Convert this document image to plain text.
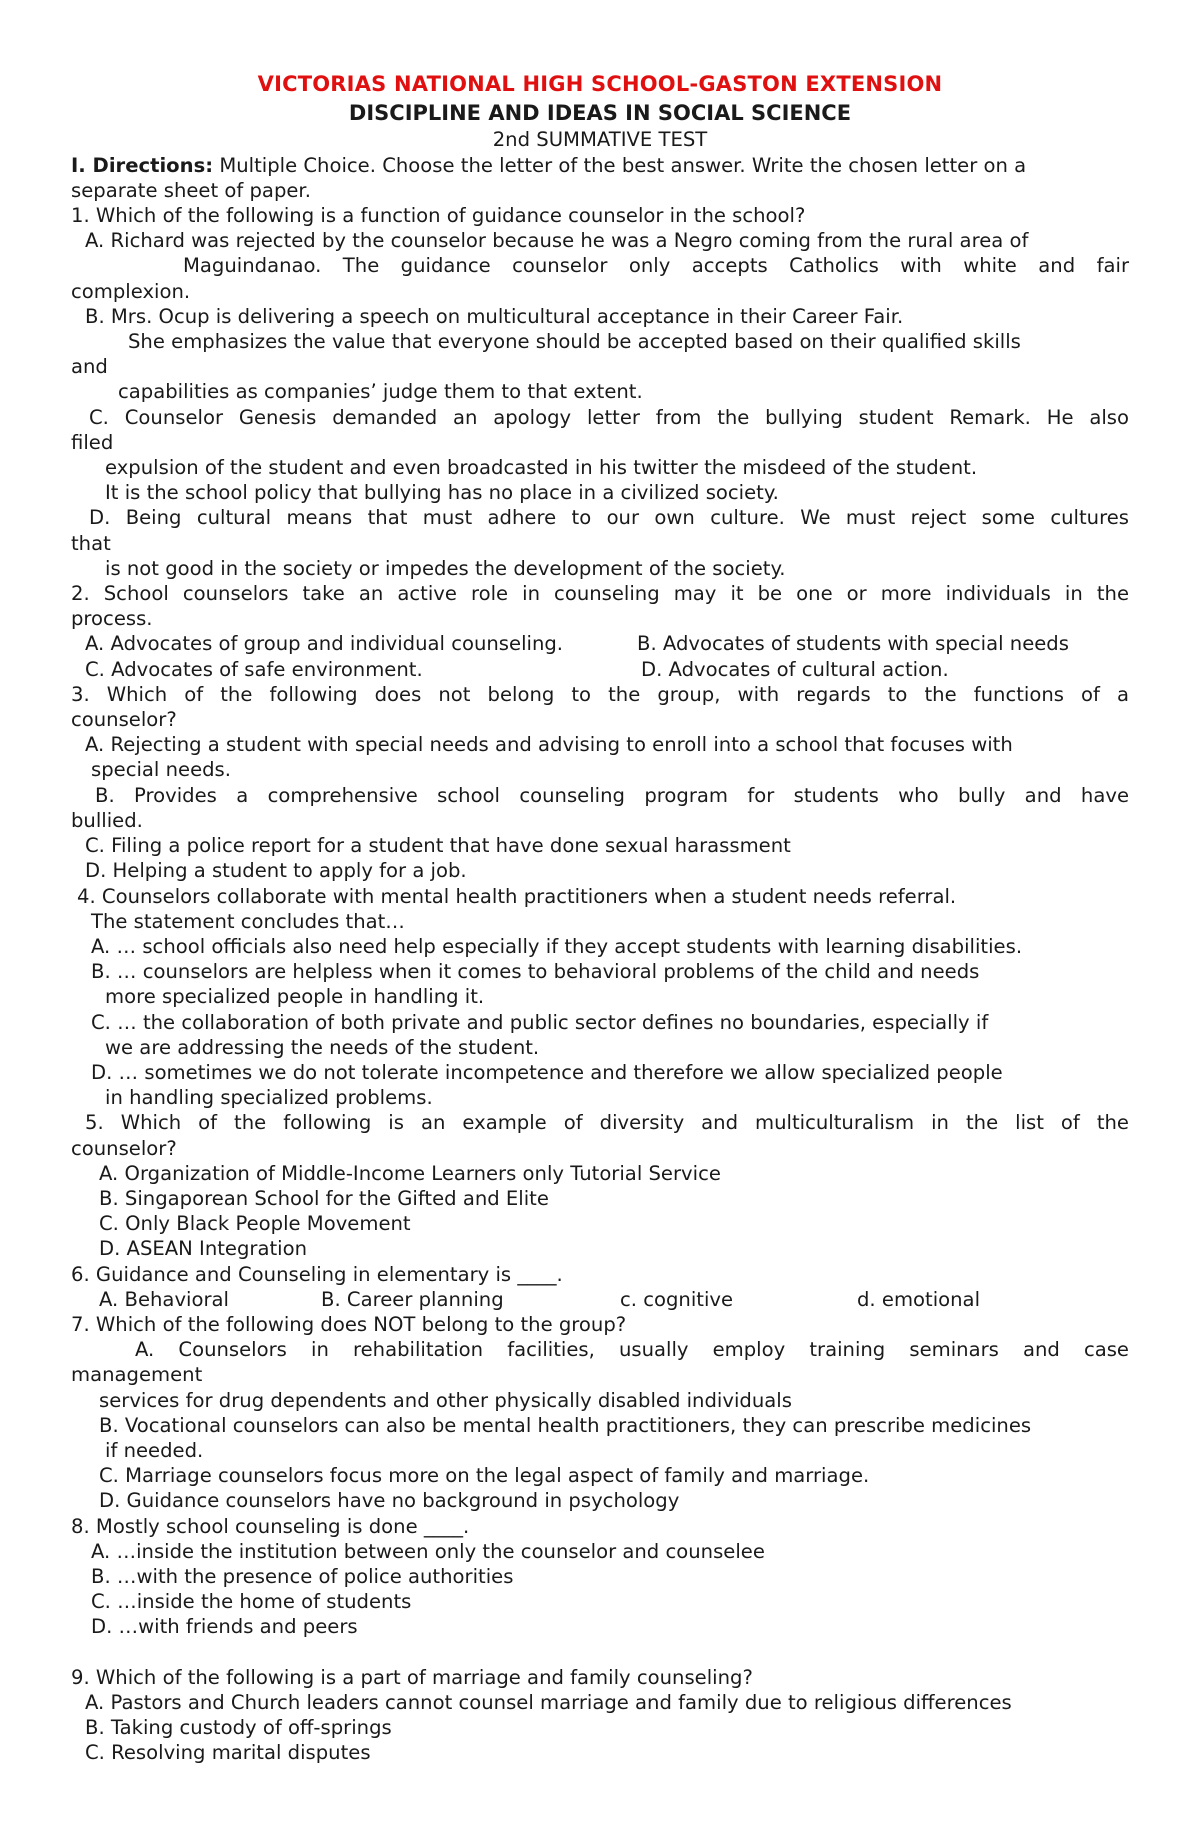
VICTORIAS NATIONAL HIGH SCHOOL-GASTON EXTENSION
DISCIPLINE AND IDEAS IN SOCIAL SCIENCE
2nd SUMMATIVE TEST
I. Directions: Multiple Choice. Choose the letter of the best answer. Write the chosen letter on a
separate sheet of paper.
1. Which of the following is a function of guidance counselor in the school?
A. Richard was rejected by the counselor because he was a Negro coming from the rural area of
Maguindanao. The guidance counselor only accepts Catholics with white and fair
complexion.
B. Mrs. Ocup is delivering a speech on multicultural acceptance in their Career Fair.
She emphasizes the value that everyone should be accepted based on their qualified skills
and
capabilities as companies’ judge them to that extent.
C. Counselor Genesis demanded an apology letter from the bullying student Remark. He also
filed
expulsion of the student and even broadcasted in his twitter the misdeed of the student.
It is the school policy that bullying has no place in a civilized society.
D. Being cultural means that must adhere to our own culture. We must reject some cultures
that
is not good in the society or impedes the development of the society.
2. School counselors take an active role in counseling may it be one or more individuals in the
process.
A. Advocates of group and individual counseling.	B. Advocates of students with special needs
C. Advocates of safe environment.	D. Advocates of cultural action.
3. Which of the following does not belong to the group, with regards to the functions of a
counselor?
A. Rejecting a student with special needs and advising to enroll into a school that focuses with
special needs.
B. Provides a comprehensive school counseling program for students who bully and have
bullied.
C. Filing a police report for a student that have done sexual harassment
D. Helping a student to apply for a job.
4. Counselors collaborate with mental health practitioners when a student needs referral.
The statement concludes that…
A. … school officials also need help especially if they accept students with learning disabilities.
B. … counselors are helpless when it comes to behavioral problems of the child and needs
more specialized people in handling it.
C. … the collaboration of both private and public sector defines no boundaries, especially if
we are addressing the needs of the student.
D. … sometimes we do not tolerate incompetence and therefore we allow specialized people
in handling specialized problems.
5. Which of the following is an example of diversity and multiculturalism in the list of the
counselor?
A. Organization of Middle-Income Learners only Tutorial Service
B. Singaporean School for the Gifted and Elite
C. Only Black People Movement
D. ASEAN Integration
6. Guidance and Counseling in elementary is ____.
A. Behavioral	B. Career planning	c. cognitive	d. emotional
7. Which of the following does NOT belong to the group?
A. Counselors in rehabilitation facilities, usually employ training seminars and case
management
services for drug dependents and other physically disabled individuals
B. Vocational counselors can also be mental health practitioners, they can prescribe medicines
if needed.
C. Marriage counselors focus more on the legal aspect of family and marriage.
D. Guidance counselors have no background in psychology
8. Mostly school counseling is done ____.
A. …inside the institution between only the counselor and counselee
B. …with the presence of police authorities
C. …inside the home of students
D. …with friends and peers
9. Which of the following is a part of marriage and family counseling?
A. Pastors and Church leaders cannot counsel marriage and family due to religious differences
B. Taking custody of off-springs
C. Resolving marital disputes
